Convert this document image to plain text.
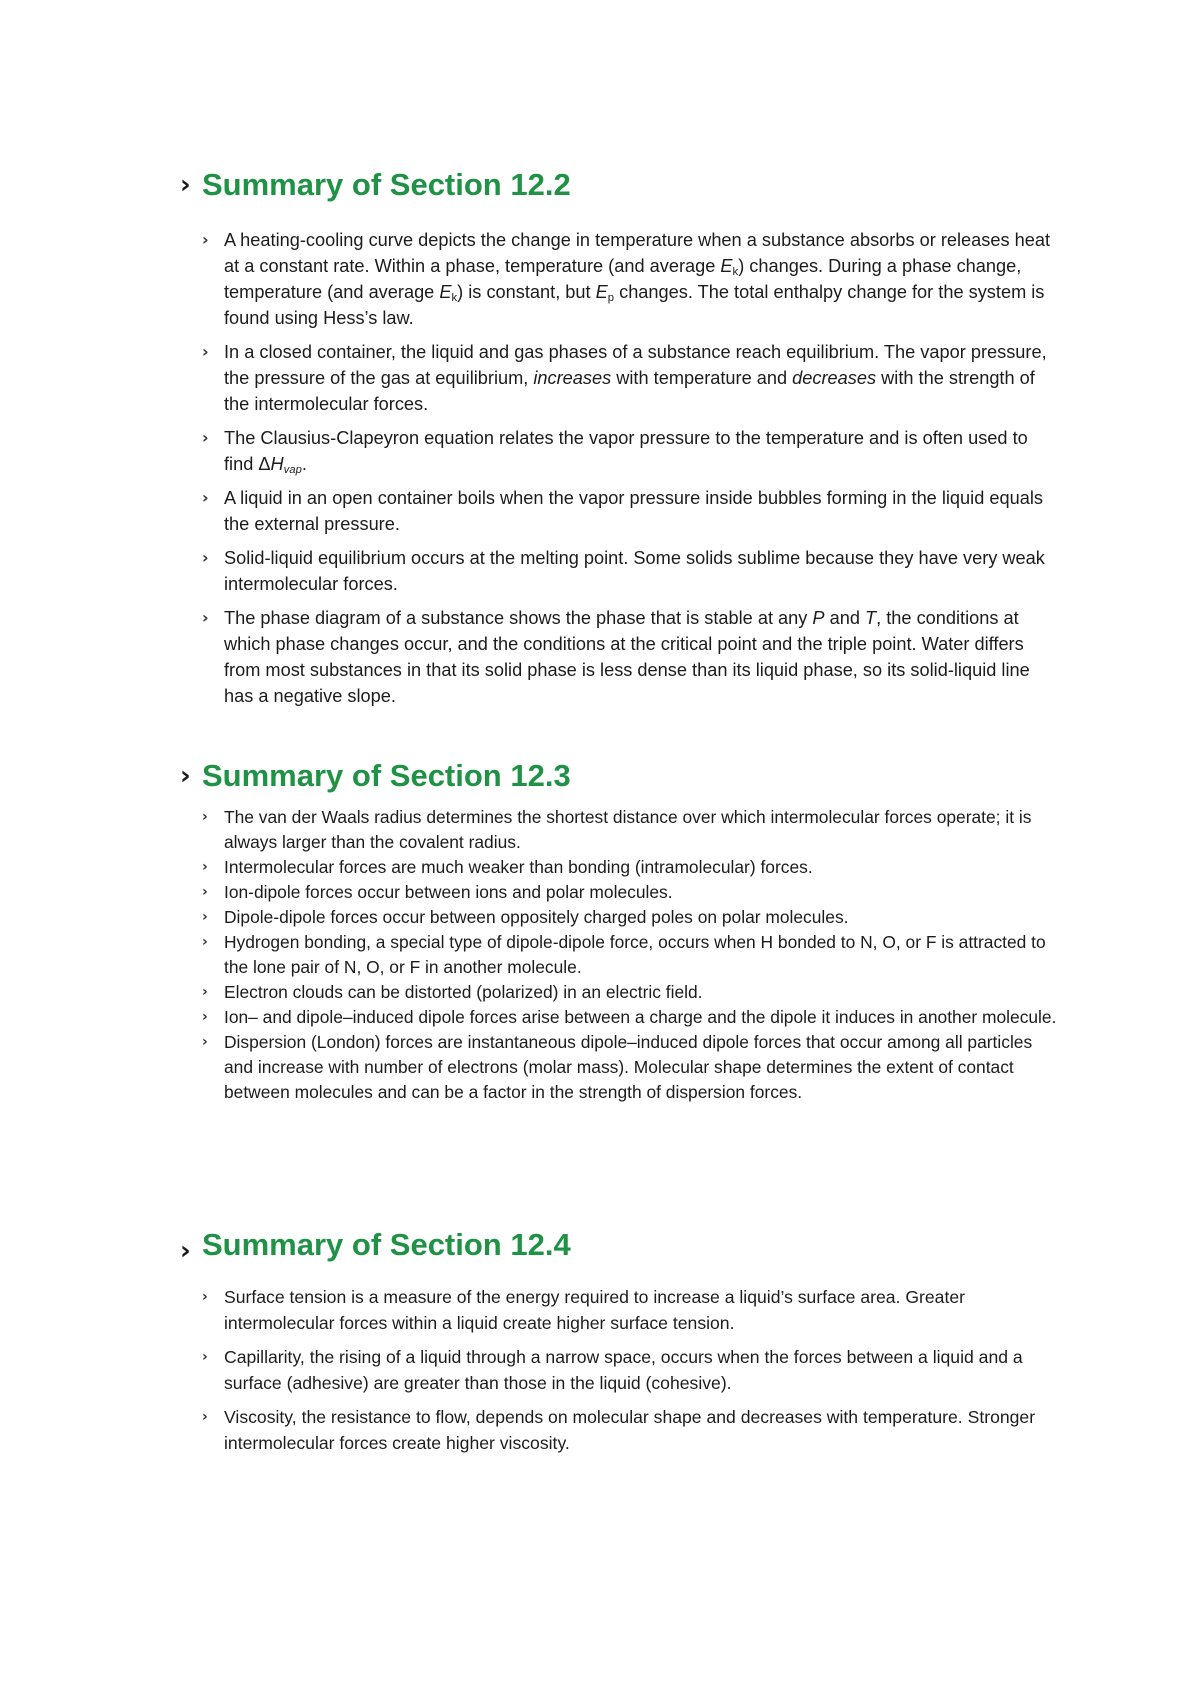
› Summary of Section 12.2
› A heating-cooling curve depicts the change in temperature when a substance absorbs or releases heat at a constant rate. Within a phase, temperature (and average $E_k$) changes. During a phase change, temperature (and average $E_k$) is constant, but $E_p$ changes. The total enthalpy change for the system is found using Hess’s law.
› In a closed container, the liquid and gas phases of a substance reach equilibrium. The vapor pressure, the pressure of the gas at equilibrium, increases with temperature and decreases with the strength of the intermolecular forces.
› The Clausius-Clapeyron equation relates the vapor pressure to the temperature and is often used to find $\Delta H_{vap}$.
› A liquid in an open container boils when the vapor pressure inside bubbles forming in the liquid equals the external pressure.
› Solid-liquid equilibrium occurs at the melting point. Some solids sublime because they have very weak intermolecular forces.
› The phase diagram of a substance shows the phase that is stable at any P and T, the conditions at which phase changes occur, and the conditions at the critical point and the triple point. Water differs from most substances in that its solid phase is less dense than its liquid phase, so its solid-liquid line has a negative slope.
› Summary of Section 12.3
› The van der Waals radius determines the shortest distance over which intermolecular forces operate; it is always larger than the covalent radius.
› Intermolecular forces are much weaker than bonding (intramolecular) forces.
› Ion-dipole forces occur between ions and polar molecules.
› Dipole-dipole forces occur between oppositely charged poles on polar molecules.
› Hydrogen bonding, a special type of dipole-dipole force, occurs when H bonded to N, O, or F is attracted to the lone pair of N, O, or F in another molecule.
› Electron clouds can be distorted (polarized) in an electric field.
› Ion– and dipole–induced dipole forces arise between a charge and the dipole it induces in another molecule.
› Dispersion (London) forces are instantaneous dipole–induced dipole forces that occur among all particles and increase with number of electrons (molar mass). Molecular shape determines the extent of contact between molecules and can be a factor in the strength of dispersion forces.
› Summary of Section 12.4
› Surface tension is a measure of the energy required to increase a liquid’s surface area. Greater intermolecular forces within a liquid create higher surface tension.
› Capillarity, the rising of a liquid through a narrow space, occurs when the forces between a liquid and a surface (adhesive) are greater than those in the liquid (cohesive).
› Viscosity, the resistance to flow, depends on molecular shape and decreases with temperature. Stronger intermolecular forces create higher viscosity.
